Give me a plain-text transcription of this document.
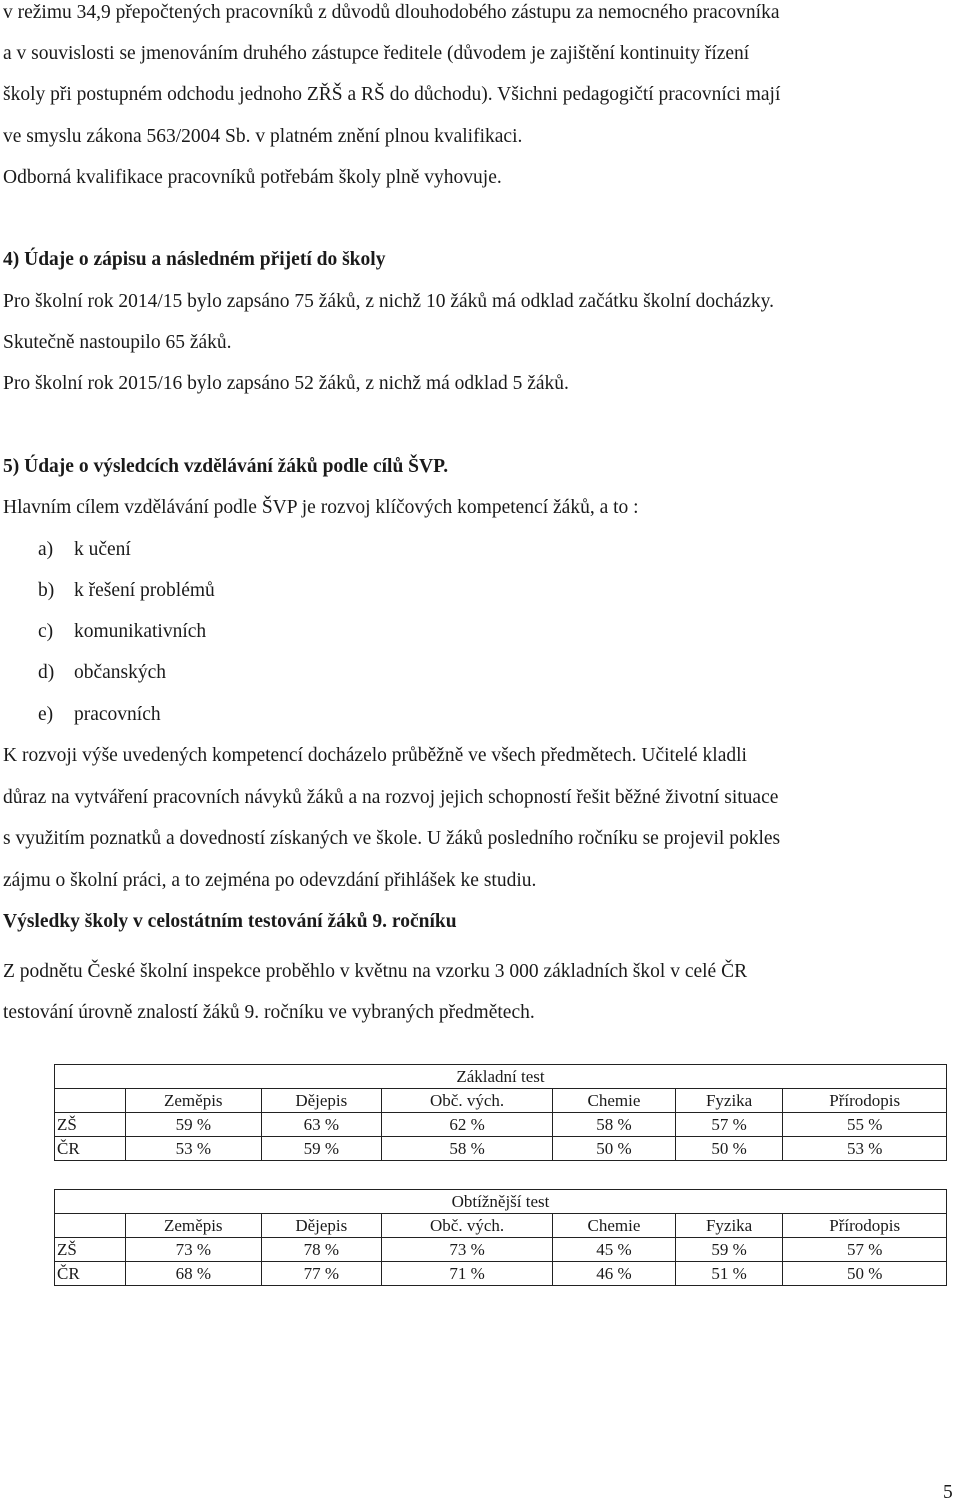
v režimu 34,9 přepočtených pracovníků z důvodů dlouhodobého zástupu za nemocného pracovníka
a v souvislosti se jmenováním druhého zástupce ředitele (důvodem je zajištění kontinuity řízení
školy při postupném odchodu jednoho ZŘŠ a RŠ do důchodu). Všichni pedagogičtí pracovníci mají
ve smyslu zákona 563/2004 Sb. v platném znění plnou kvalifikaci.
Odborná kvalifikace pracovníků potřebám školy plně vyhovuje.
4) Údaje o zápisu a následném přijetí do školy
Pro školní rok 2014/15 bylo zapsáno 75 žáků, z nichž 10 žáků má odklad začátku školní docházky.
Skutečně nastoupilo 65 žáků.
Pro školní rok 2015/16 bylo zapsáno 52 žáků, z nichž má odklad 5 žáků.
5) Údaje o výsledcích vzdělávání žáků podle cílů ŠVP.
Hlavním cílem vzdělávání podle ŠVP je rozvoj klíčových kompetencí žáků, a to :
a) k učení
b) k řešení problémů
c) komunikativních
d) občanských
e) pracovních
K rozvoji výše uvedených kompetencí docházelo průběžně ve všech předmětech. Učitelé kladli
důraz na vytváření pracovních návyků žáků a na rozvoj jejich schopností řešit běžné životní situace
s využitím poznatků a dovedností získaných ve škole. U žáků posledního ročníku se projevil pokles
zájmu o školní práci, a to zejména po odevzdání přihlášek ke studiu.
Výsledky školy v celostátním testování žáků 9. ročníku
Z podnětu České školní inspekce proběhlo v květnu na vzorku 3 000 základních škol v celé ČR
testování úrovně znalostí žáků 9. ročníku ve vybraných předmětech.
Základní test						
	Zeměpis	Dějepis	Obč. vých.	Chemie	Fyzika	Přírodopis
ZŠ	59 %	63 %	62 %	58 %	57 %	55 %
ČR	53 %	59 %	58 %	50 %	50 %	53 %
Obtížnější test						
	Zeměpis	Dějepis	Obč. vých.	Chemie	Fyzika	Přírodopis
ZŠ	73 %	78 %	73 %	45 %	59 %	57 %
ČR	68 %	77 %	71 %	46 %	51 %	50 %
5
